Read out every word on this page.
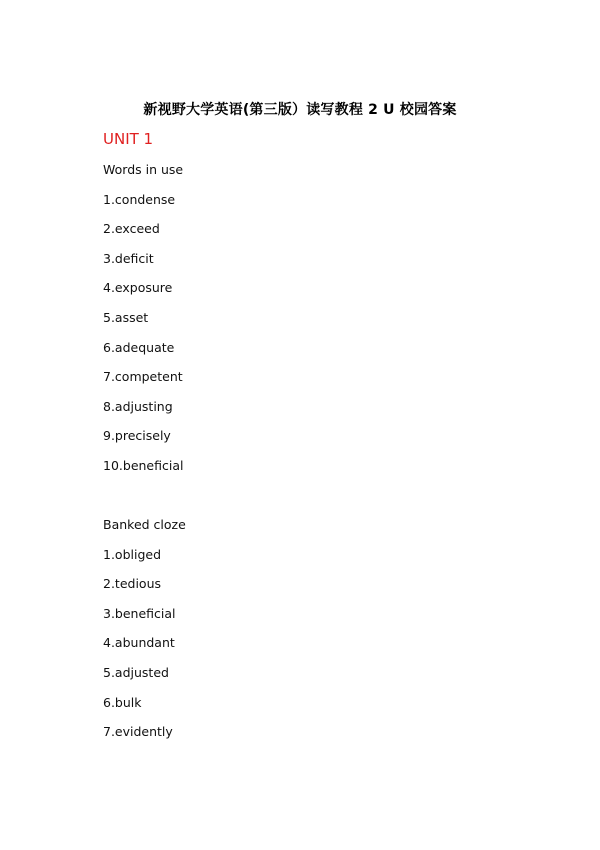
新视野大学英语(第三版）读写教程 2 U 校园答案
UNIT 1
Words in use
1.condense
2.exceed
3.deficit
4.exposure
5.asset
6.adequate
7.competent
8.adjusting
9.precisely
10.beneficial
Banked cloze
1.obliged
2.tedious
3.beneficial
4.abundant
5.adjusted
6.bulk
7.evidently
